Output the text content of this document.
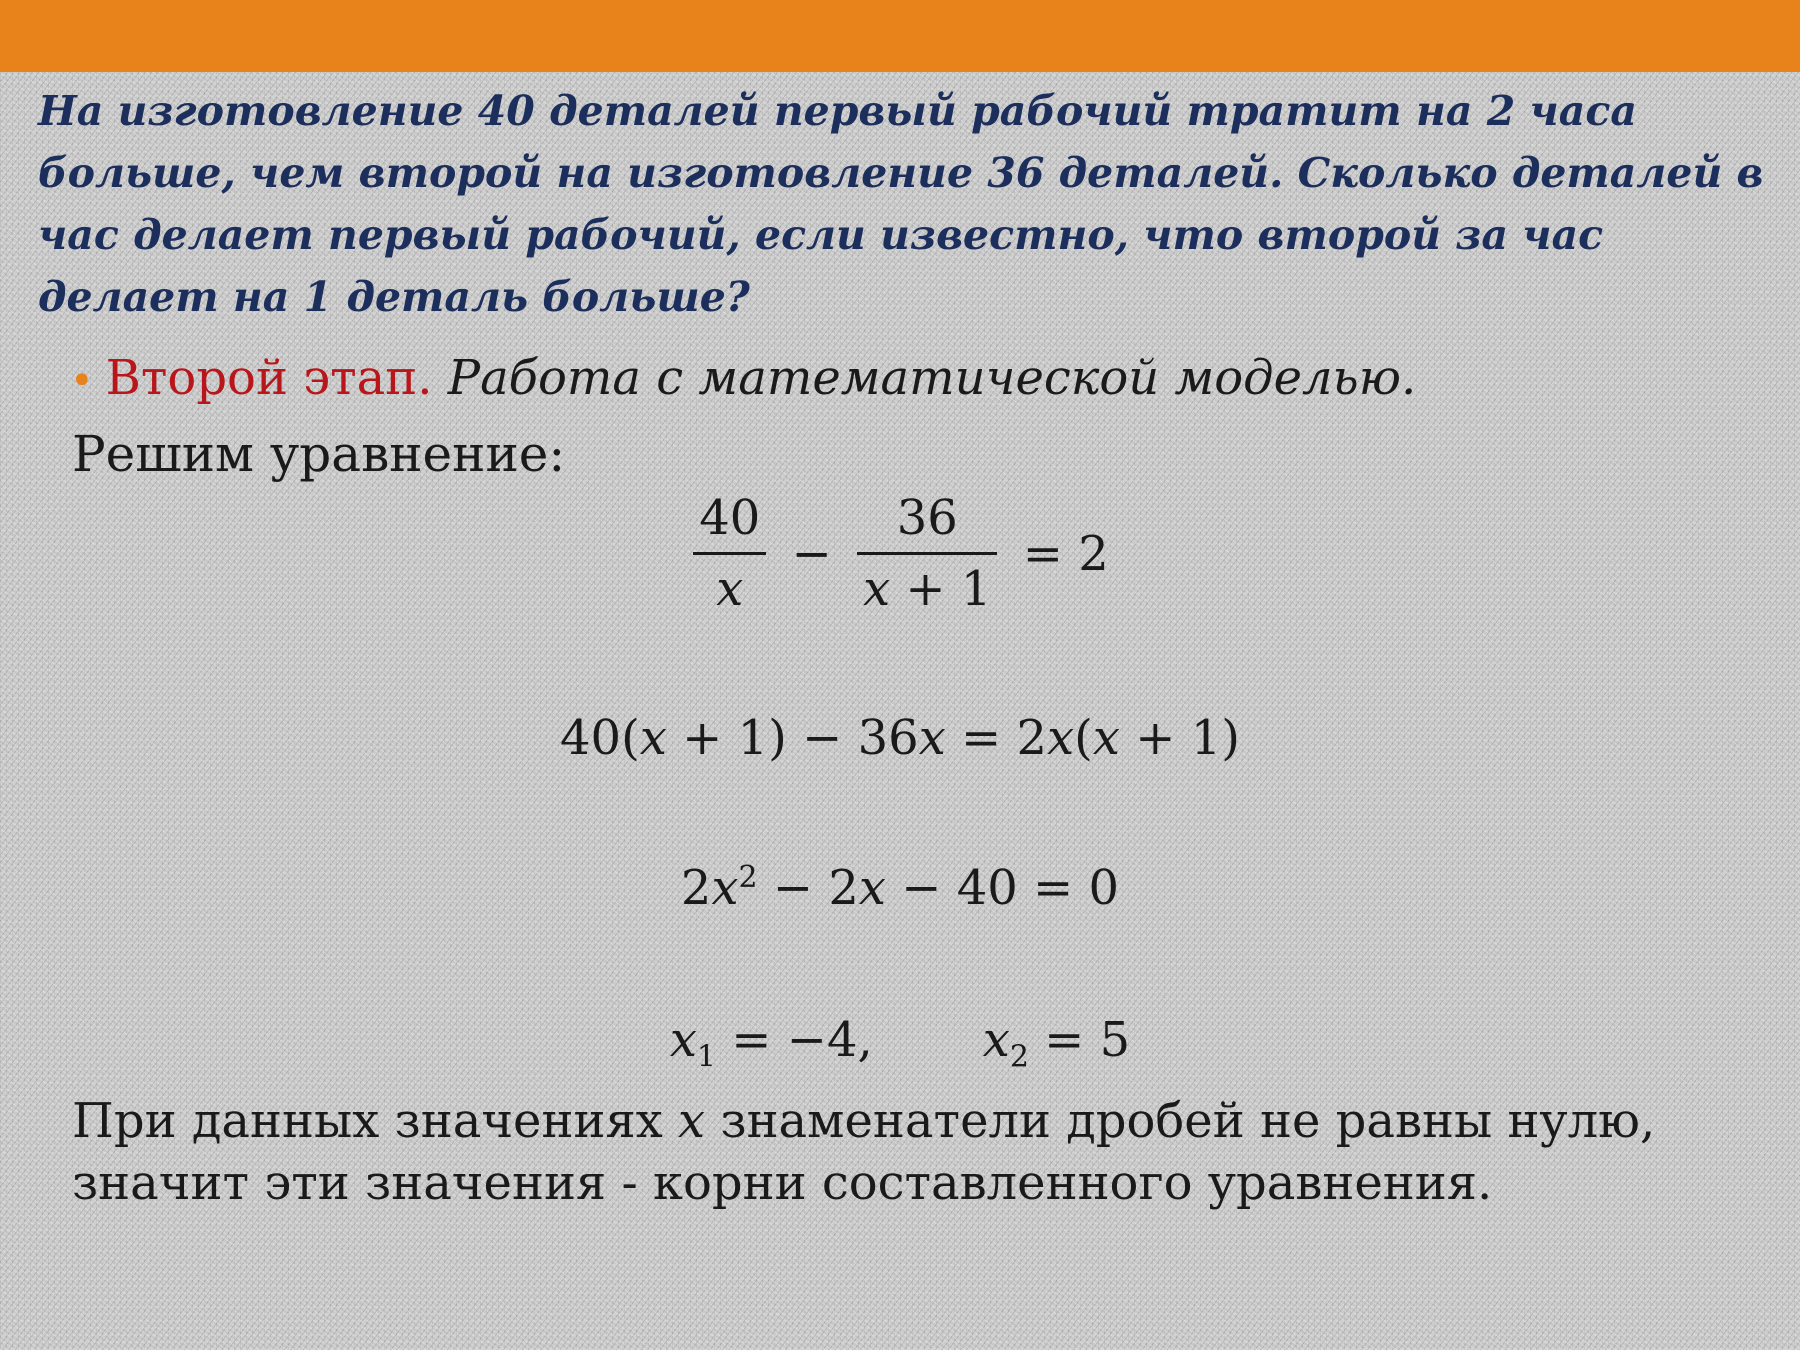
На изготовление 40 деталей первый рабочий тратит на 2 часа больше, чем второй на изготовление 36 деталей. Сколько деталей в час делает первый рабочий, если известно, что второй за час делает на 1 деталь больше?
• Второй этап. Работа с математической моделью.
Решим уравнение:
$\frac{40}{x} - \frac{36}{x + 1} = 2$
40(x + 1) − 36x = 2x(x + 1)
$2x^2 - 2x - 40 = 0$
$x_1 = -4$, $x_2 = 5$
При данных значениях x знаменатели дробей не равны нулю, значит эти значения - корни составленного уравнения.
